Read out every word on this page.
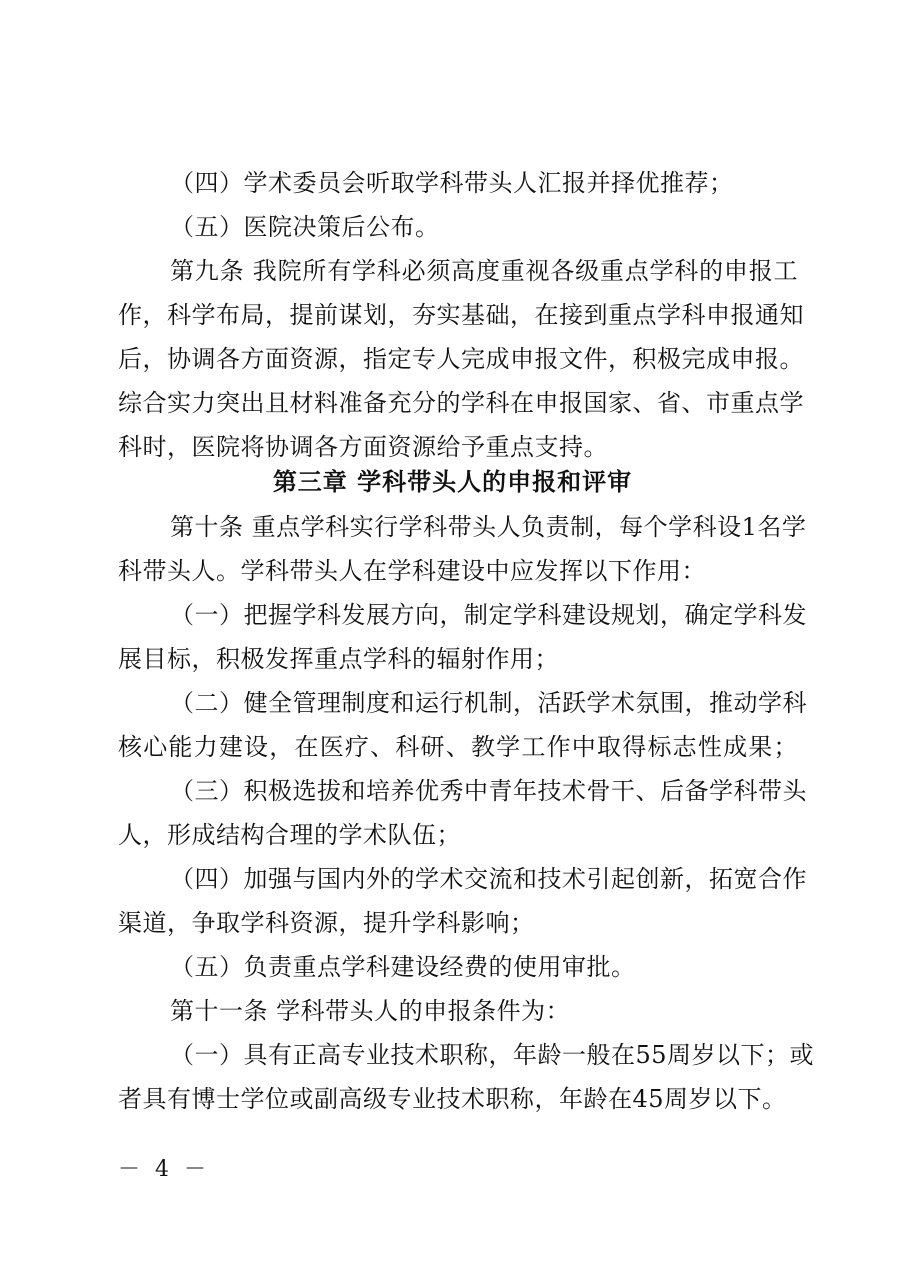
（四）学术委员会听取学科带头人汇报并择优推荐；
（五）医院决策后公布。
第九条 我院所有学科必须高度重视各级重点学科的申报工
作，科学布局，提前谋划，夯实基础，在接到重点学科申报通知
后，协调各方面资源，指定专人完成申报文件，积极完成申报。
综合实力突出且材料准备充分的学科在申报国家、省、市重点学
科时，医院将协调各方面资源给予重点支持。
第三章 学科带头人的申报和评审
第十条 重点学科实行学科带头人负责制，每个学科设1名学
科带头人。学科带头人在学科建设中应发挥以下作用：
（一）把握学科发展方向，制定学科建设规划，确定学科发
展目标，积极发挥重点学科的辐射作用；
（二）健全管理制度和运行机制，活跃学术氛围，推动学科
核心能力建设，在医疗、科研、教学工作中取得标志性成果；
（三）积极选拔和培养优秀中青年技术骨干、后备学科带头
人，形成结构合理的学术队伍；
（四）加强与国内外的学术交流和技术引起创新，拓宽合作
渠道，争取学科资源，提升学科影响；
（五）负责重点学科建设经费的使用审批。
第十一条 学科带头人的申报条件为：
（一）具有正高专业技术职称，年龄一般在55周岁以下；或
者具有博士学位或副高级专业技术职称，年龄在45周岁以下。
－ 4 －
